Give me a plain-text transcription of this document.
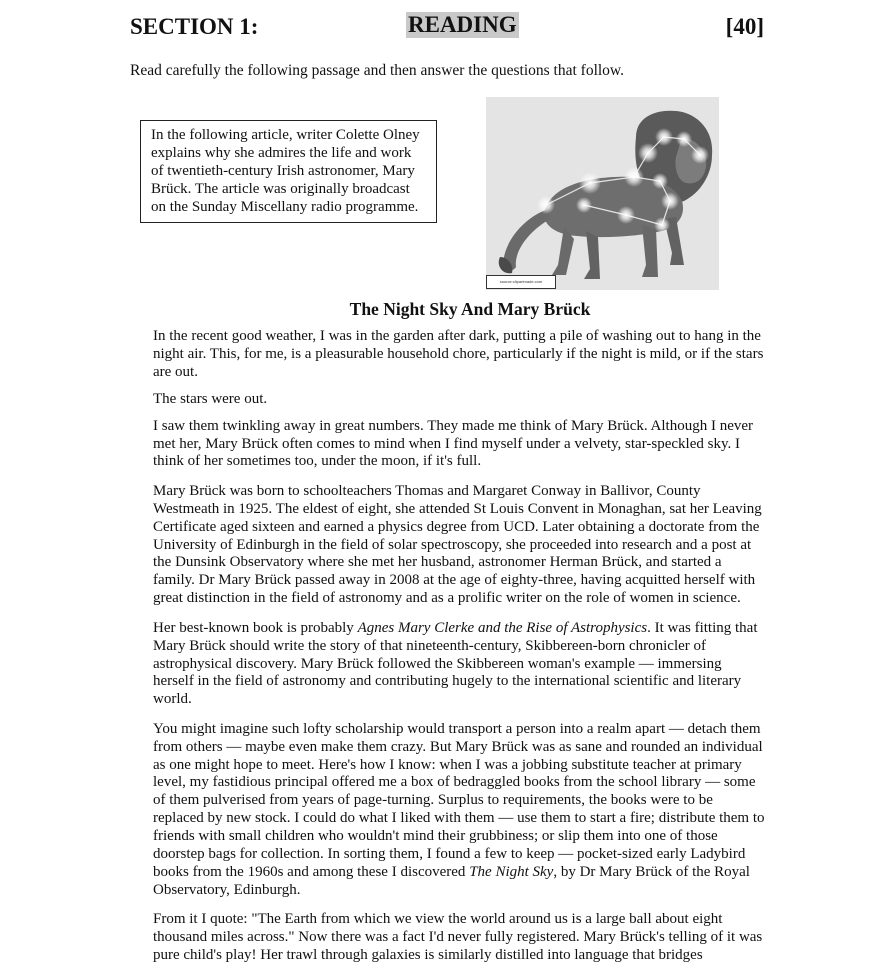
SECTION 1:	READING	[40]
Read carefully the following passage and then answer the questions that follow.
In the following article, writer Colette Olney explains why she admires the life and work of twentieth-century Irish astronomer, Mary Brück. The article was originally broadcast on the Sunday Miscellany radio programme.
source:clipartmade.com
The Night Sky And Mary Brück

In the recent good weather, I was in the garden after dark, putting a pile of washing out to hang in the night air. This, for me, is a pleasurable household chore, particularly if the night is mild, or if the stars are out.

The stars were out.

I saw them twinkling away in great numbers. They made me think of Mary Brück. Although I never met her, Mary Brück often comes to mind when I find myself under a velvety, star-speckled sky. I think of her sometimes too, under the moon, if it's full.

Mary Brück was born to schoolteachers Thomas and Margaret Conway in Ballivor, County Westmeath in 1925. The eldest of eight, she attended St Louis Convent in Monaghan, sat her Leaving Certificate aged sixteen and earned a physics degree from UCD. Later obtaining a doctorate from the University of Edinburgh in the field of solar spectroscopy, she proceeded into research and a post at the Dunsink Observatory where she met her husband, astronomer Herman Brück, and started a family. Dr Mary Brück passed away in 2008 at the age of eighty-three, having acquitted herself with great distinction in the field of astronomy and as a prolific writer on the role of women in science.

Her best-known book is probably Agnes Mary Clerke and the Rise of Astrophysics. It was fitting that Mary Brück should write the story of that nineteenth-century, Skibbereen-born chronicler of astrophysical discovery. Mary Brück followed the Skibbereen woman's example — immersing herself in the field of astronomy and contributing hugely to the international scientific and literary world.

You might imagine such lofty scholarship would transport a person into a realm apart — detach them from others — maybe even make them crazy. But Mary Brück was as sane and rounded an individual as one might hope to meet. Here's how I know: when I was a jobbing substitute teacher at primary level, my fastidious principal offered me a box of bedraggled books from the school library — some of them pulverised from years of page-turning. Surplus to requirements, the books were to be replaced by new stock. I could do what I liked with them — use them to start a fire; distribute them to friends with small children who wouldn't mind their grubbiness; or slip them into one of those doorstep bags for collection. In sorting them, I found a few to keep — pocket-sized early Ladybird books from the 1960s and among these I discovered The Night Sky, by Dr Mary Brück of the Royal Observatory, Edinburgh.

From it I quote: "The Earth from which we view the world around us is a large ball about eight thousand miles across." Now there was a fact I'd never fully registered. Mary Brück's telling of it was pure child's play! Her trawl through galaxies is similarly distilled into language that bridges
